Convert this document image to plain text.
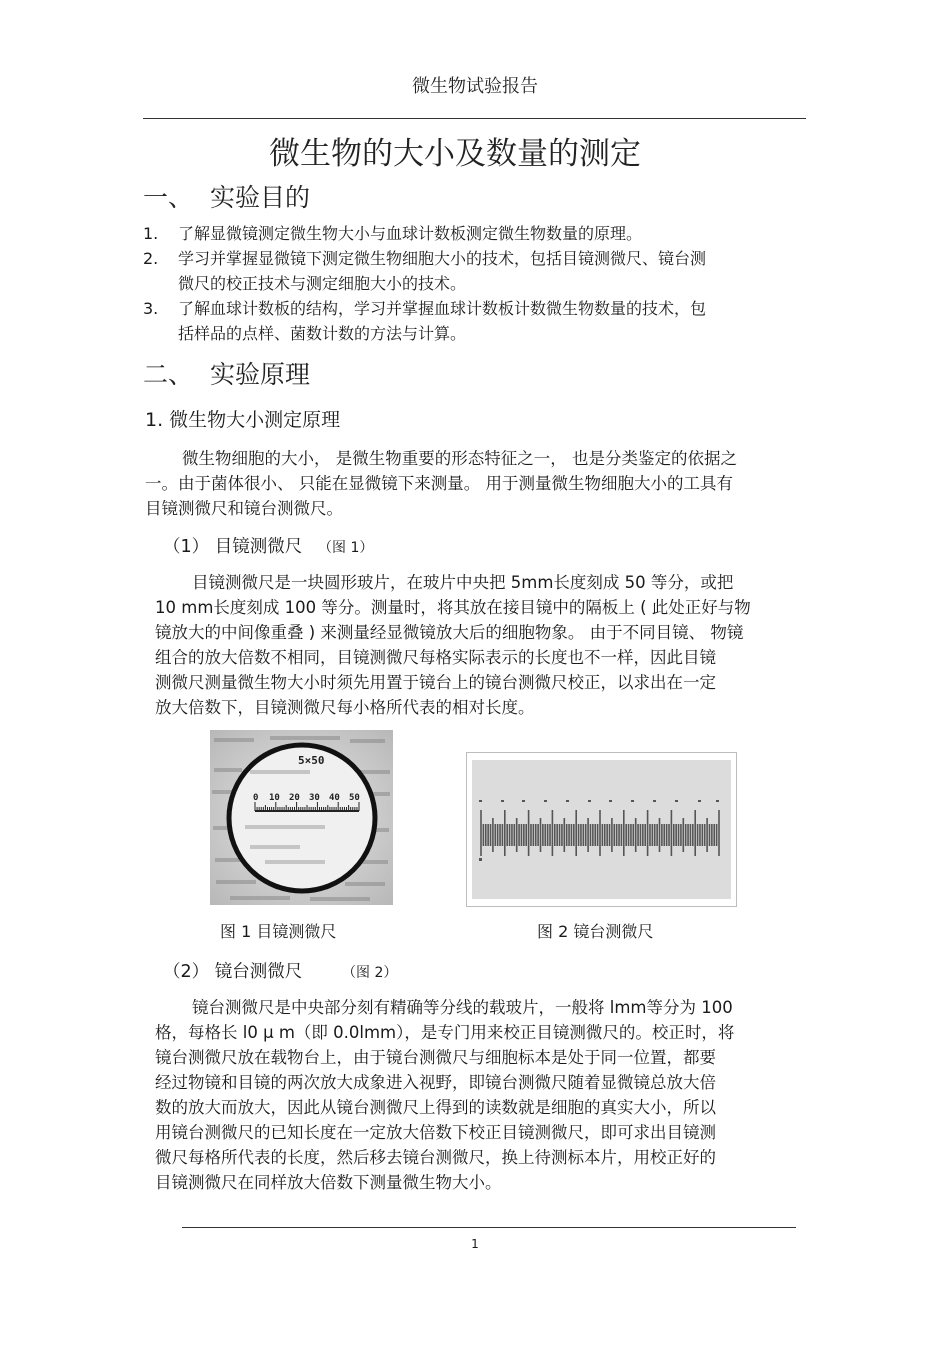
微生物试验报告
微生物的大小及数量的测定
一、 实验目的
1. 了解显微镜测定微生物大小与血球计数板测定微生物数量的原理。
2. 学习并掌握显微镜下测定微生物细胞大小的技术，包括目镜测微尺、镜台测
微尺的校正技术与测定细胞大小的技术。
3. 了解血球计数板的结构，学习并掌握血球计数板计数微生物数量的技术，包
括样品的点样、菌数计数的方法与计算。
二、 实验原理
1. 微生物大小测定原理
微生物细胞的大小， 是微生物重要的形态特征之一， 也是分类鉴定的依据之
一。由于菌体很小、 只能在显微镜下来测量。 用于测量微生物细胞大小的工具有
目镜测微尺和镜台测微尺。
（1） 目镜测微尺 （图 1）
目镜测微尺是一块圆形玻片，在玻片中央把 5mm长度刻成 50 等分，或把
10 mm长度刻成 100 等分。测量时，将其放在接目镜中的隔板上 ( 此处正好与物
镜放大的中间像重叠 ) 来测量经显微镜放大后的细胞物象。 由于不同目镜、 物镜
组合的放大倍数不相同，目镜测微尺每格实际表示的长度也不一样，因此目镜
测微尺测量微生物大小时须先用置于镜台上的镜台测微尺校正，以求出在一定
放大倍数下，目镜测微尺每小格所代表的相对长度。
5×50
0 10 20 30 40 50
图 1 目镜测微尺	图 2 镜台测微尺
（2） 镜台测微尺	（图 2）
镜台测微尺是中央部分刻有精确等分线的载玻片，一般将 lmm等分为 100
格，每格长 l0 μ m（即 0.0lmm），是专门用来校正目镜测微尺的。校正时，将
镜台测微尺放在载物台上，由于镜台测微尺与细胞标本是处于同一位置，都要
经过物镜和目镜的两次放大成象进入视野，即镜台测微尺随着显微镜总放大倍
数的放大而放大，因此从镜台测微尺上得到的读数就是细胞的真实大小，所以
用镜台测微尺的已知长度在一定放大倍数下校正目镜测微尺，即可求出目镜测
微尺每格所代表的长度，然后移去镜台测微尺，换上待测标本片，用校正好的
目镜测微尺在同样放大倍数下测量微生物大小。
1
